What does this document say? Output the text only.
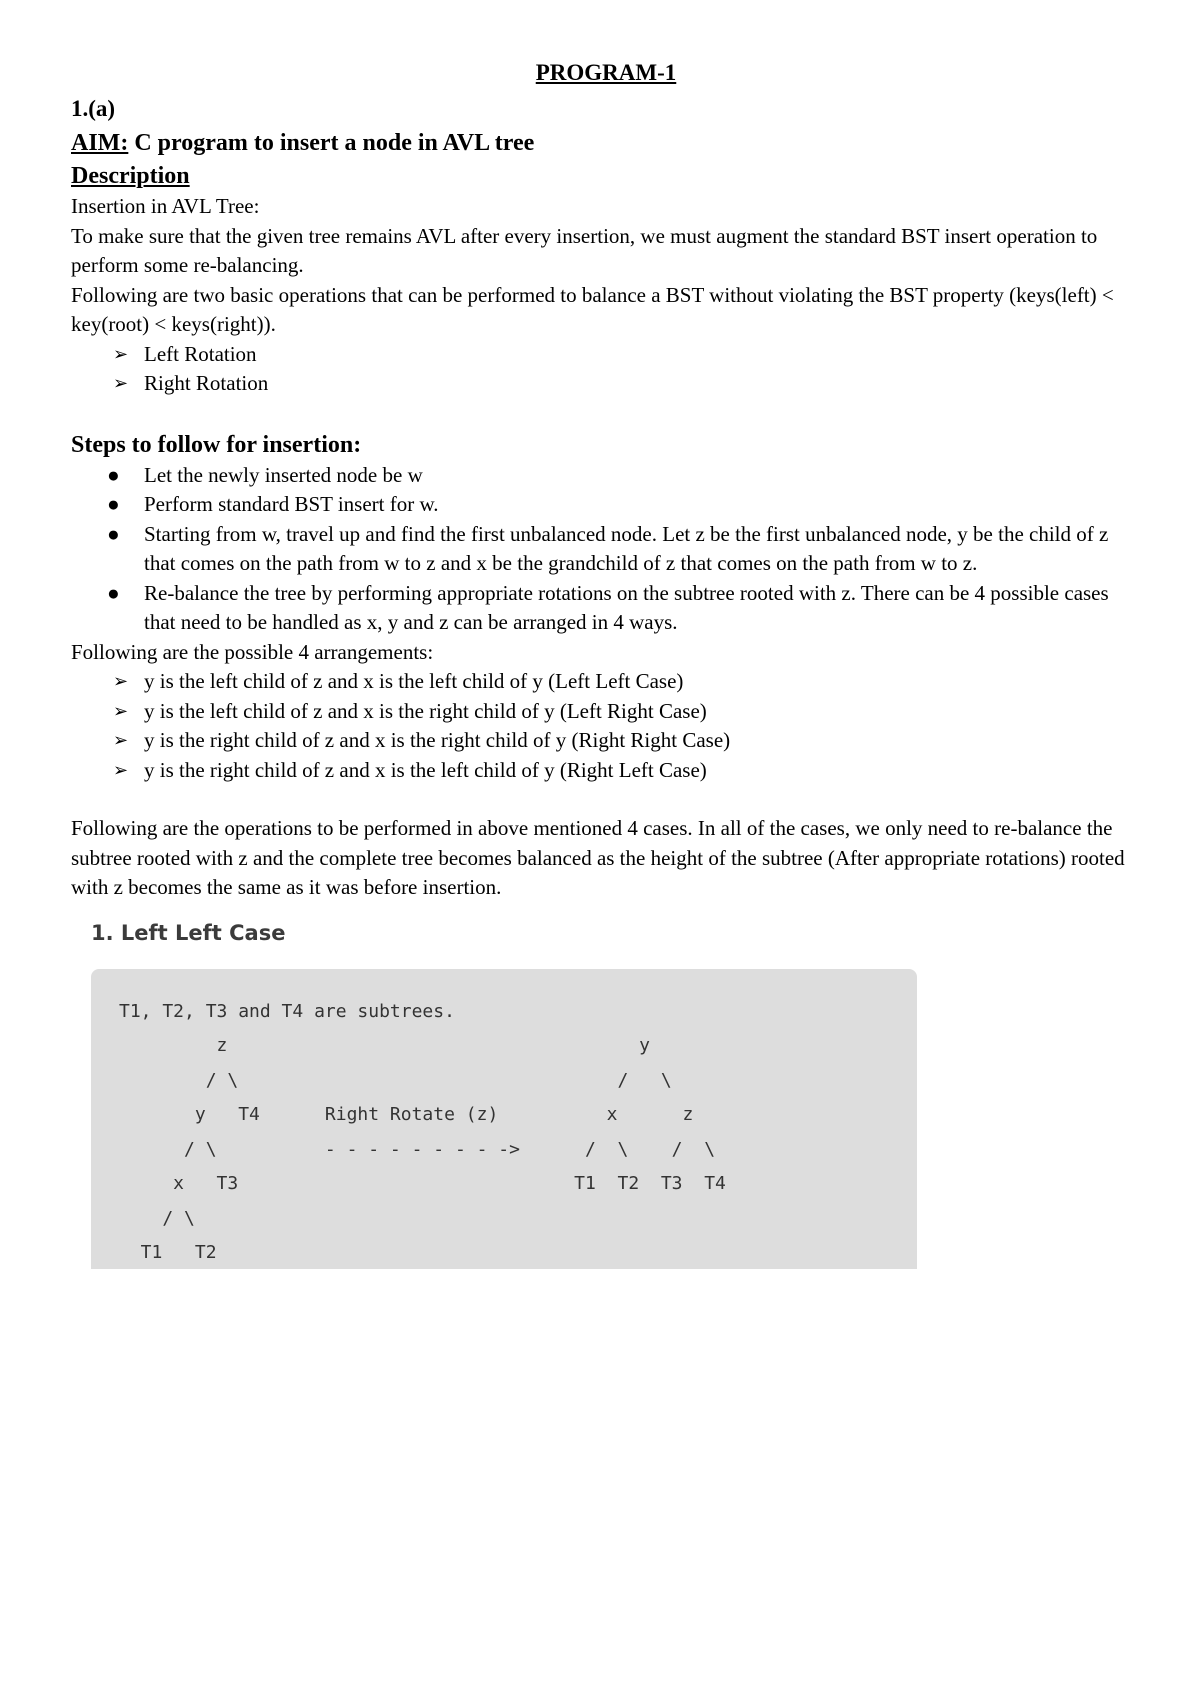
PROGRAM-1

1.(a)

AIM: C program to insert a node in AVL tree

Description

Insertion in AVL Tree:

To make sure that the given tree remains AVL after every insertion, we must augment the standard BST insert operation to perform some re-balancing.

Following are two basic operations that can be performed to balance a BST without violating the BST property (keys(left) < key(root) < keys(right)).

➢ Left Rotation
➢ Right Rotation

Steps to follow for insertion:

● Let the newly inserted node be w
● Perform standard BST insert for w.
● Starting from w, travel up and find the first unbalanced node. Let z be the first unbalanced node, y be the child of z that comes on the path from w to z and x be the grandchild of z that comes on the path from w to z.
● Re-balance the tree by performing appropriate rotations on the subtree rooted with z. There can be 4 possible cases that need to be handled as x, y and z can be arranged in 4 ways.

Following are the possible 4 arrangements:

➢ y is the left child of z and x is the left child of y (Left Left Case)
➢ y is the left child of z and x is the right child of y (Left Right Case)
➢ y is the right child of z and x is the right child of y (Right Right Case)
➢ y is the right child of z and x is the left child of y (Right Left Case)

Following are the operations to be performed in above mentioned 4 cases. In all of the cases, we only need to re-balance the subtree rooted with z and the complete tree becomes balanced as the height of the subtree (After appropriate rotations) rooted with z becomes the same as it was before insertion.

1. Left Left Case

T1, T2, T3 and T4 are subtrees.
z                                      y
/ \                                   /   \
y   T4      Right Rotate (z)          x      z
/ \          - - - - - - - - ->      /  \    /  \
x   T3                               T1  T2  T3  T4
/ \
T1   T2
